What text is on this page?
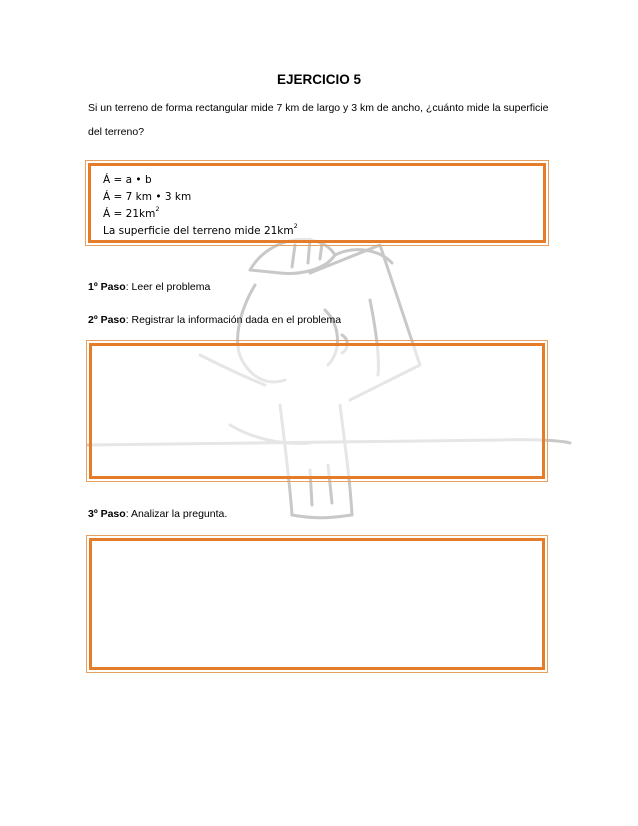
EJERCICIO 5
Si un terreno de forma rectangular mide 7 km de largo y 3 km de ancho, ¿cuánto mide la superficie del terreno?
Á = a • b
Á = 7 km • 3 km
Á = $21km^2$
La superficie del terreno mide $21km^2$
1º Paso: Leer el problema
2º Paso: Registrar la información dada en el problema
3º Paso: Analizar la pregunta.
